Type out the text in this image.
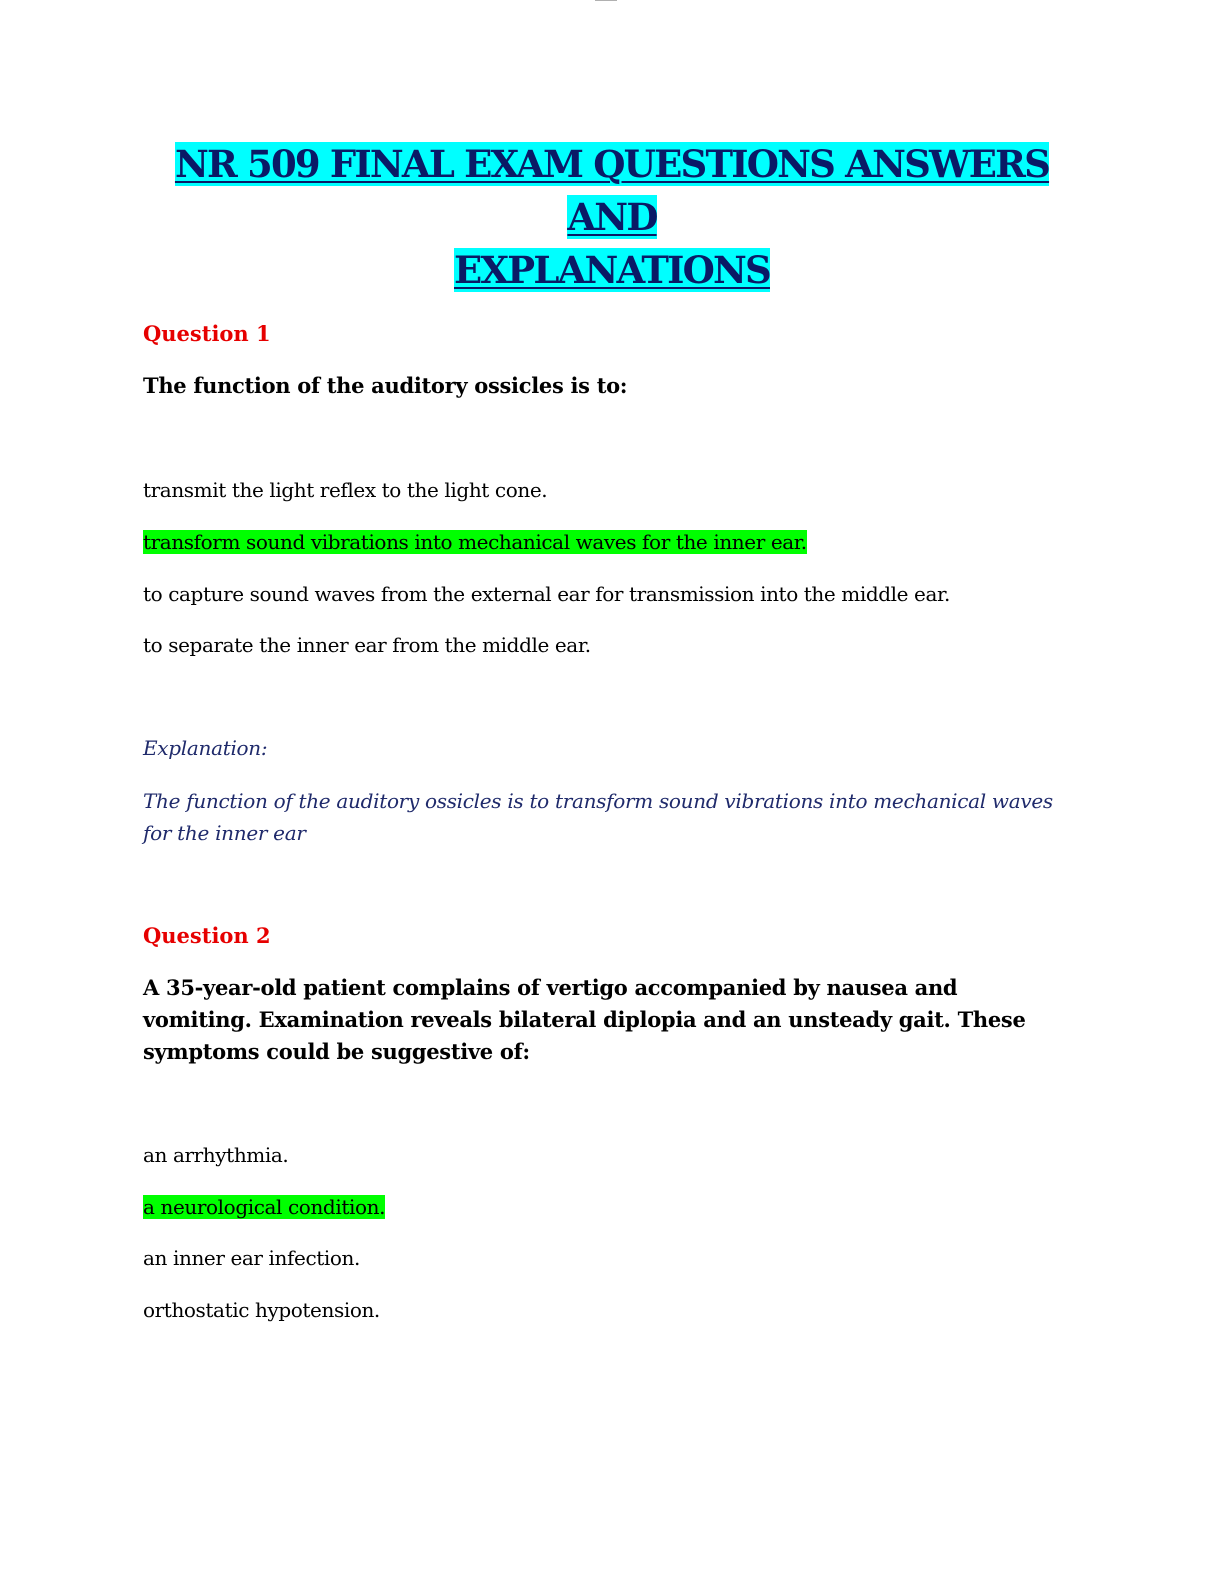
NR 509 FINAL EXAM QUESTIONS ANSWERS AND
EXPLANATIONS
Question 1
The function of the auditory ossicles is to:
transmit the light reflex to the light cone.
transform sound vibrations into mechanical waves for the inner ear.
to capture sound waves from the external ear for transmission into the middle ear.
to separate the inner ear from the middle ear.
Explanation:
The function of the auditory ossicles is to transform sound vibrations into mechanical waves for the inner ear
Question 2
A 35-year-old patient complains of vertigo accompanied by nausea and vomiting. Examination reveals bilateral diplopia and an unsteady gait. These symptoms could be suggestive of:
an arrhythmia.
a neurological condition.
an inner ear infection.
orthostatic hypotension.
